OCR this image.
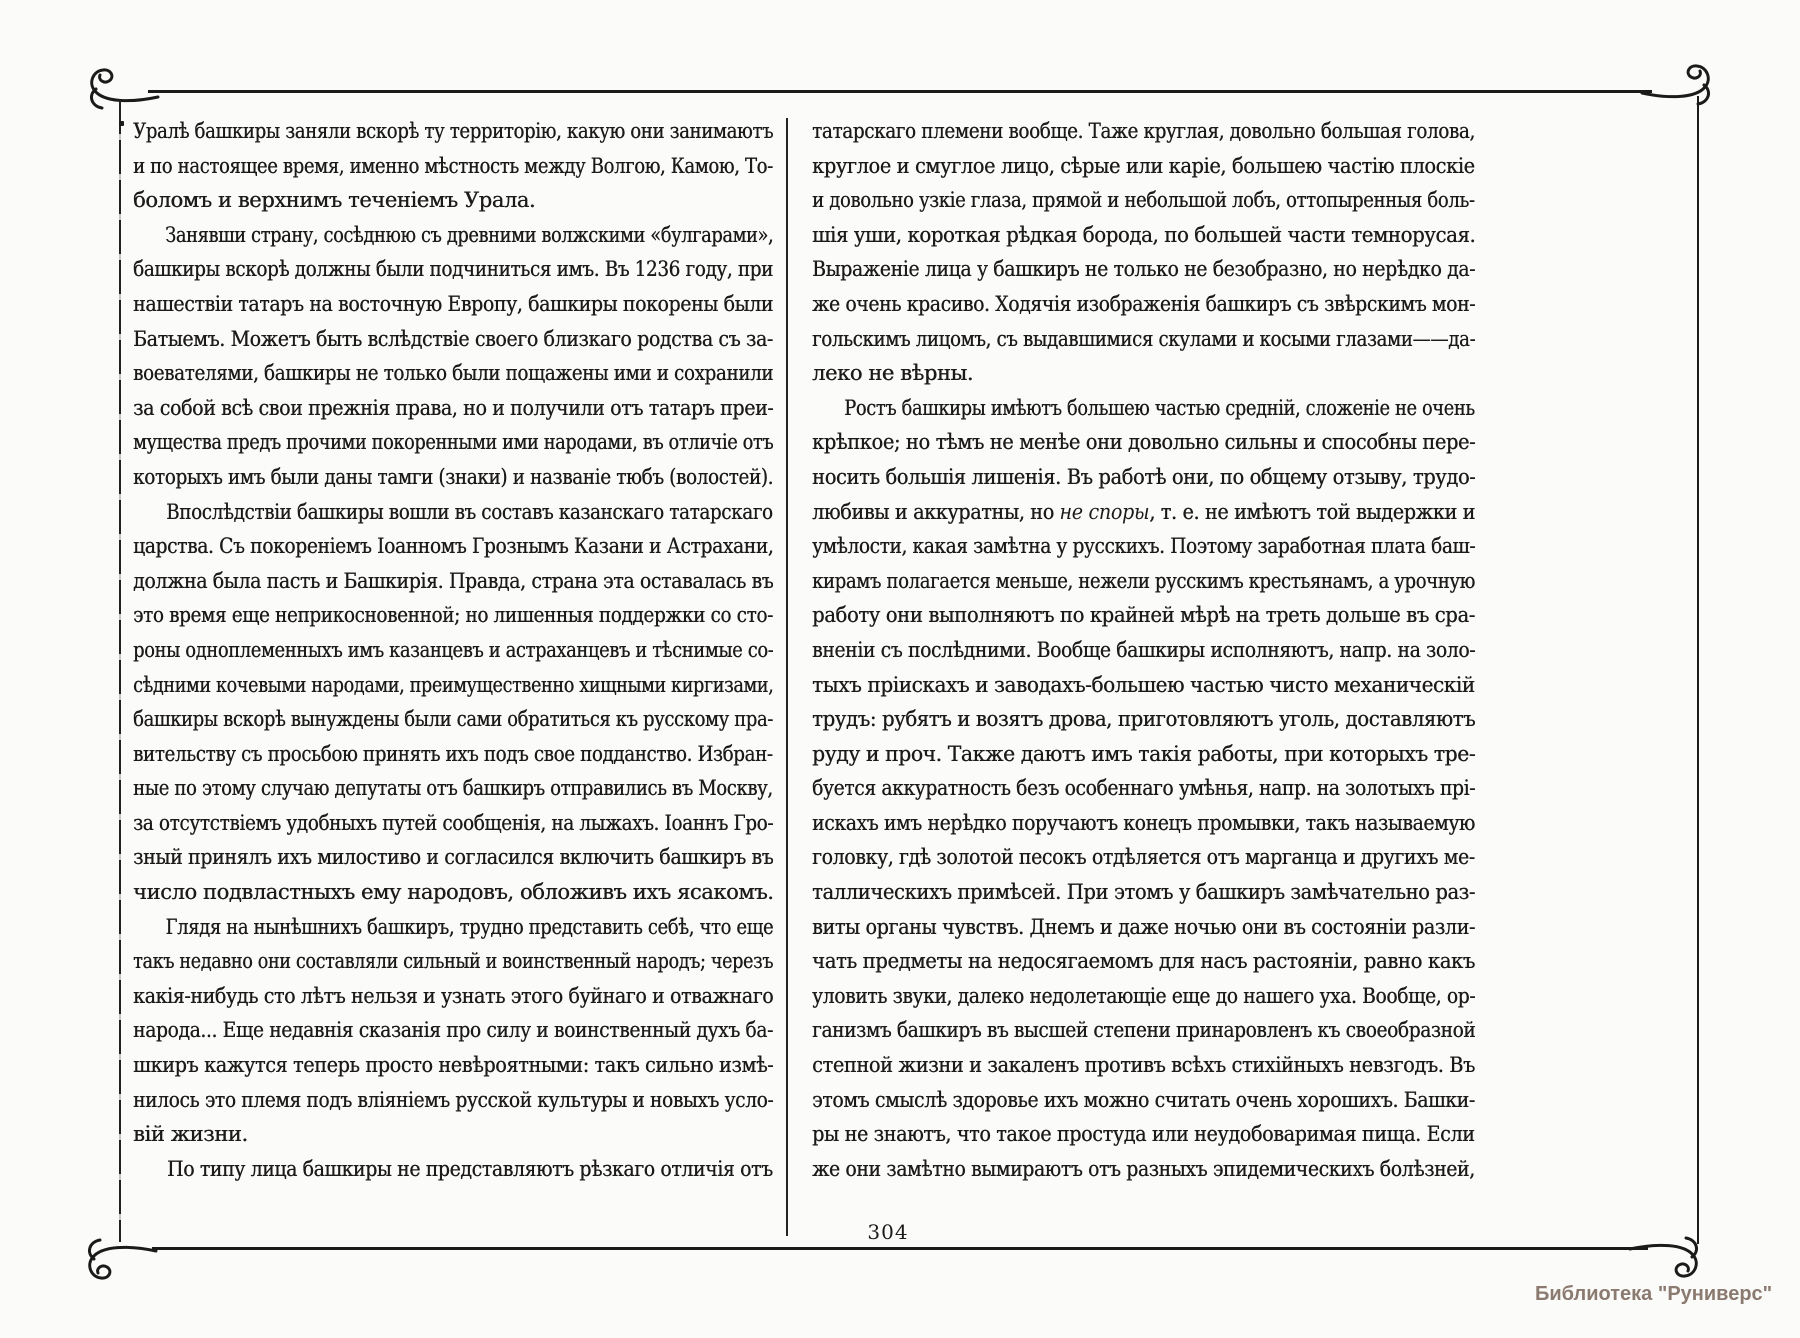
Уралѣ башкиры заняли вскорѣ ту территорію, какую они занимаютъ
и по настоящее время, именно мѣстность между Волгою, Камою, То-
боломъ и верхнимъ теченіемъ Урала.
Занявши страну, сосѣднюю съ древними волжскими «булгарами»,
башкиры вскорѣ должны были подчиниться имъ. Въ 1236 году, при
нашествіи татаръ на восточную Европу, башкиры покорены были
Батыемъ. Можетъ быть вслѣдствіе своего близкаго родства съ за-
воевателями, башкиры не только были пощажены ими и сохранили
за собой всѣ свои прежнія права, но и получили отъ татаръ преи-
мущества предъ прочими покоренными ими народами, въ отличіе отъ
которыхъ имъ были даны тамги (знаки) и названіе тюбъ (волостей).
Впослѣдствіи башкиры вошли въ составъ казанскаго татарскаго
царства. Съ покореніемъ Іоанномъ Грознымъ Казани и Астрахани,
должна была пасть и Башкирія. Правда, страна эта оставалась въ
это время еще неприкосновенной; но лишенныя поддержки со сто-
роны одноплеменныхъ имъ казанцевъ и астраханцевъ и тѣснимые со-
сѣдними кочевыми народами, преимущественно хищными киргизами,
башкиры вскорѣ вынуждены были сами обратиться къ русскому пра-
вительству съ просьбою принять ихъ подъ свое подданство. Избран-
ные по этому случаю депутаты отъ башкиръ отправились въ Москву,
за отсутствіемъ удобныхъ путей сообщенія, на лыжахъ. Іоаннъ Гро-
зный принялъ ихъ милостиво и согласился включить башкиръ въ
число подвластныхъ ему народовъ, обложивъ ихъ ясакомъ.
Глядя на нынѣшнихъ башкиръ, трудно представить себѣ, что еще
такъ недавно они составляли сильный и воинственный народъ; черезъ
какія-нибудь сто лѣтъ нельзя и узнать этого буйнаго и отважнаго
народа... Еще недавнія сказанія про силу и воинственный духъ ба-
шкиръ кажутся теперь просто невѣроятными: такъ сильно измѣ-
нилось это племя подъ вліяніемъ русской культуры и новыхъ усло-
вій жизни.
По типу лица башкиры не представляютъ рѣзкаго отличія отъ
татарскаго племени вообще. Таже круглая, довольно большая голова,
круглое и смуглое лицо, сѣрые или каріе, большею частію плоскіе
и довольно узкіе глаза, прямой и небольшой лобъ, оттопыренныя боль-
шія уши, короткая рѣдкая борода, по большей части темнорусая.
Выраженіе лица у башкиръ не только не безобразно, но нерѣдко да-
же очень красиво. Ходячія изображенія башкиръ съ звѣрскимъ мон-
гольскимъ лицомъ, съ выдавшимися скулами и косыми глазами——да-
леко не вѣрны.
Ростъ башкиры имѣютъ большею частью средній, сложеніе не очень
крѣпкое; но тѣмъ не менѣе они довольно сильны и способны пере-
носить большія лишенія. Въ работѣ они, по общему отзыву, трудо-
любивы и аккуратны, но не споры, т. е. не имѣютъ той выдержки и
умѣлости, какая замѣтна у русскихъ. Поэтому заработная плата баш-
кирамъ полагается меньше, нежели русскимъ крестьянамъ, а урочную
работу они выполняютъ по крайней мѣрѣ на треть дольше въ сра-
вненіи съ послѣдними. Вообще башкиры исполняютъ, напр. на золо-
тыхъ пріискахъ и заводахъ-большею частью чисто механическій
трудъ: рубятъ и возятъ дрова, приготовляютъ уголь, доставляютъ
руду и проч. Также даютъ имъ такія работы, при которыхъ тре-
буется аккуратность безъ особеннаго умѣнья, напр. на золотыхъ прі-
искахъ имъ нерѣдко поручаютъ конецъ промывки, такъ называемую
головку, гдѣ золотой песокъ отдѣляется отъ марганца и другихъ ме-
таллическихъ примѣсей. При этомъ у башкиръ замѣчательно раз-
виты органы чувствъ. Днемъ и даже ночью они въ состояніи разли-
чать предметы на недосягаемомъ для насъ растояніи, равно какъ
уловить звуки, далеко недолетающіе еще до нашего уха. Вообще, ор-
ганизмъ башкиръ въ высшей степени принаровленъ къ своеобразной
степной жизни и закаленъ противъ всѣхъ стихійныхъ невзгодъ. Въ
этомъ смыслѣ здоровье ихъ можно считать очень хорошихъ. Башки-
ры не знаютъ, что такое простуда или неудобоваримая пища. Если
же они замѣтно вымираютъ отъ разныхъ эпидемическихъ болѣзней,
304
Библиотека "Руниверс"
